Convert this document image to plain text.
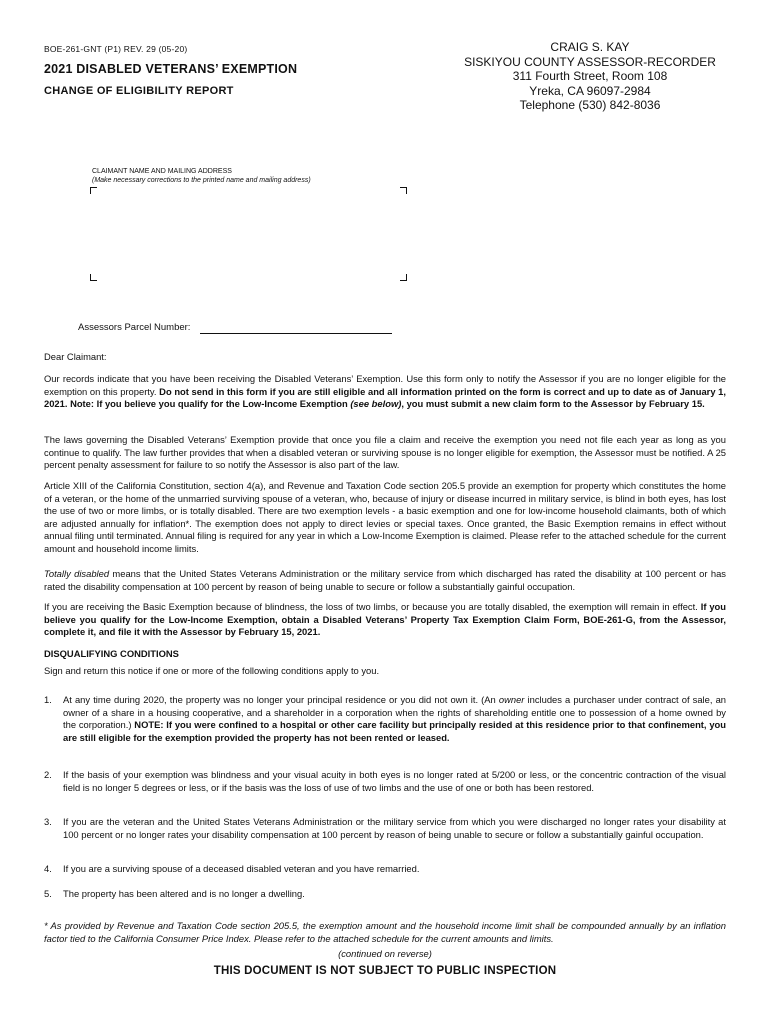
BOE-261-GNT (P1) REV. 29 (05-20)
2021 DISABLED VETERANS’ EXEMPTION
CHANGE OF ELIGIBILITY REPORT
CRAIG S. KAY
SISKIYOU COUNTY ASSESSOR-RECORDER
311 Fourth Street, Room 108
Yreka, CA 96097-2984
Telephone (530) 842-8036
CLAIMANT NAME AND MAILING ADDRESS
(Make necessary corrections to the printed name and mailing address)
Assessors Parcel Number:
Dear Claimant:

Our records indicate that you have been receiving the Disabled Veterans’ Exemption. Use this form only to notify the Assessor if you are no longer eligible for the exemption on this property. Do not send in this form if you are still eligible and all information printed on the form is correct and up to date as of January 1, 2021. Note: If you believe you qualify for the Low-Income Exemption (see below), you must submit a new claim form to the Assessor by February 15.

The laws governing the Disabled Veterans’ Exemption provide that once you file a claim and receive the exemption you need not file each year as long as you continue to qualify. The law further provides that when a disabled veteran or surviving spouse is no longer eligible for exemption, the Assessor must be notified. A 25 percent penalty assessment for failure to so notify the Assessor is also part of the law.

Article XIII of the California Constitution, section 4(a), and Revenue and Taxation Code section 205.5 provide an exemption for property which constitutes the home of a veteran, or the home of the unmarried surviving spouse of a veteran, who, because of injury or disease incurred in military service, is blind in both eyes, has lost the use of two or more limbs, or is totally disabled. There are two exemption levels - a basic exemption and one for low-income household claimants, both of which are adjusted annually for inflation*. The exemption does not apply to direct levies or special taxes. Once granted, the Basic Exemption remains in effect without annual filing until terminated. Annual filing is required for any year in which a Low-Income Exemption is claimed. Please refer to the attached schedule for the current amount and household income limits.

Totally disabled means that the United States Veterans Administration or the military service from which discharged has rated the disability at 100 percent or has rated the disability compensation at 100 percent by reason of being unable to secure or follow a substantially gainful occupation.

If you are receiving the Basic Exemption because of blindness, the loss of two limbs, or because you are totally disabled, the exemption will remain in effect. If you believe you qualify for the Low-Income Exemption, obtain a Disabled Veterans’ Property Tax Exemption Claim Form, BOE-261-G, from the Assessor, complete it, and file it with the Assessor by February 15, 2021.

DISQUALIFYING CONDITIONS
Sign and return this notice if one or more of the following conditions apply to you.
1. At any time during 2020, the property was no longer your principal residence or you did not own it. (An owner includes a purchaser under contract of sale, an owner of a share in a housing cooperative, and a shareholder in a corporation when the rights of shareholding entitle one to possession of a home owned by the corporation.) NOTE: If you were confined to a hospital or other care facility but principally resided at this residence prior to that confinement, you are still eligible for the exemption provided the property has not been rented or leased.
2. If the basis of your exemption was blindness and your visual acuity in both eyes is no longer rated at 5/200 or less, or the concentric contraction of the visual field is no longer 5 degrees or less, or if the basis was the loss of use of two limbs and the use of one or both has been restored.
3. If you are the veteran and the United States Veterans Administration or the military service from which you were discharged no longer rates your disability at 100 percent or no longer rates your disability compensation at 100 percent by reason of being unable to secure or follow a substantially gainful occupation.
4. If you are a surviving spouse of a deceased disabled veteran and you have remarried.
5. The property has been altered and is no longer a dwelling.
* As provided by Revenue and Taxation Code section 205.5, the exemption amount and the household income limit shall be compounded annually by an inflation factor tied to the California Consumer Price Index. Please refer to the attached schedule for the current amounts and limits.
(continued on reverse)
THIS DOCUMENT IS NOT SUBJECT TO PUBLIC INSPECTION
